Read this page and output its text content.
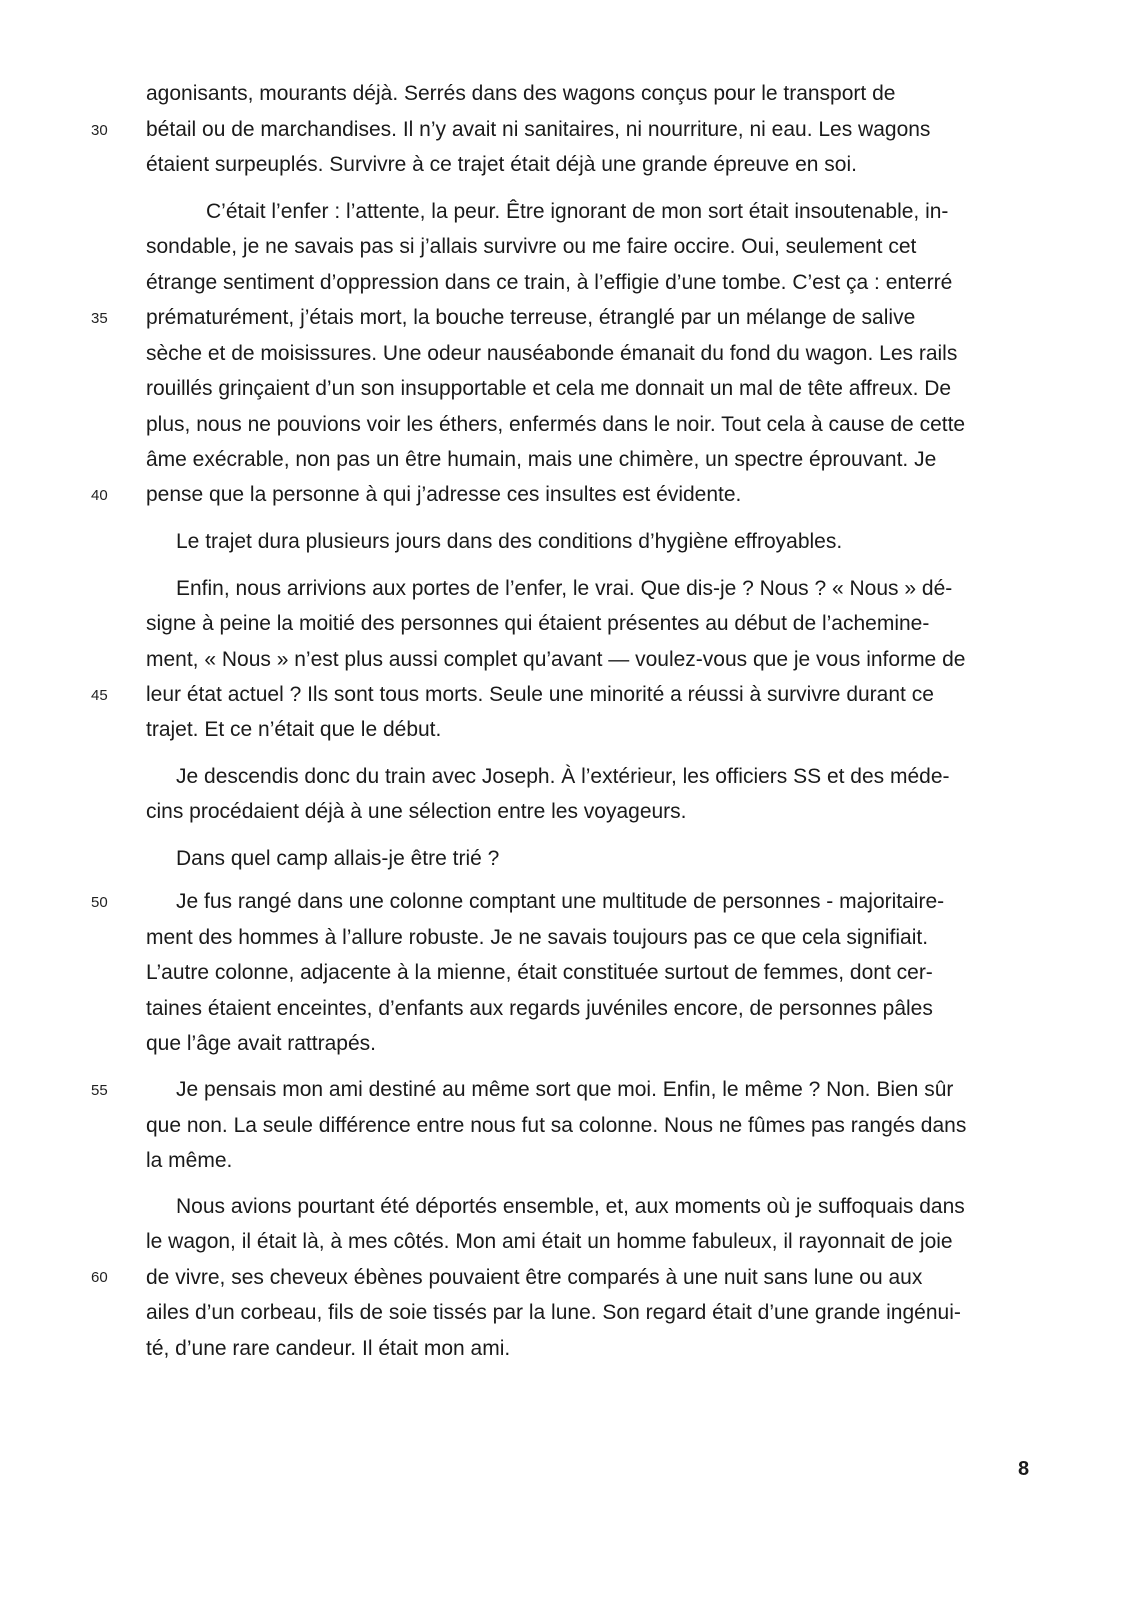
30
35
40
45
50
55
60
agonisants, mourants déjà. Serrés dans des wagons conçus pour le transport de
bétail ou de marchandises. Il n’y avait ni sanitaires, ni nourriture, ni eau. Les wagons
étaient surpeuplés. Survivre à ce trajet était déjà une grande épreuve en soi.
C’était l’enfer : l’attente, la peur. Être ignorant de mon sort était insoutenable, in-
sondable, je ne savais pas si j’allais survivre ou me faire occire. Oui, seulement cet
étrange sentiment d’oppression dans ce train, à l’effigie d’une tombe. C’est ça : enterré
prématurément, j’étais mort, la bouche terreuse, étranglé par un mélange de salive
sèche et de moisissures. Une odeur nauséabonde émanait du fond du wagon. Les rails
rouillés grinçaient d’un son insupportable et cela me donnait un mal de tête affreux. De
plus, nous ne pouvions voir les éthers, enfermés dans le noir. Tout cela à cause de cette
âme exécrable, non pas un être humain, mais une chimère, un spectre éprouvant. Je
pense que la personne à qui j’adresse ces insultes est évidente.
Le trajet dura plusieurs jours dans des conditions d’hygiène effroyables.
Enfin, nous arrivions aux portes de l’enfer, le vrai. Que dis-je ? Nous ? « Nous » dé-
signe à peine la moitié des personnes qui étaient présentes au début de l’achemine-
ment, « Nous » n’est plus aussi complet qu’avant — voulez-vous que je vous informe de
leur état actuel ? Ils sont tous morts. Seule une minorité a réussi à survivre durant ce
trajet. Et ce n’était que le début.
Je descendis donc du train avec Joseph. À l’extérieur, les officiers SS et des méde-
cins procédaient déjà à une sélection entre les voyageurs.
Dans quel camp allais-je être trié ?
Je fus rangé dans une colonne comptant une multitude de personnes - majoritaire-
ment des hommes à l’allure robuste. Je ne savais toujours pas ce que cela signifiait.
L’autre colonne, adjacente à la mienne, était constituée surtout de femmes, dont cer-
taines étaient enceintes, d’enfants aux regards juvéniles encore, de personnes pâles
que l’âge avait rattrapés.
Je pensais mon ami destiné au même sort que moi. Enfin, le même ? Non. Bien sûr
que non. La seule différence entre nous fut sa colonne. Nous ne fûmes pas rangés dans
la même.
Nous avions pourtant été déportés ensemble, et, aux moments où je suffoquais dans
le wagon, il était là, à mes côtés. Mon ami était un homme fabuleux, il rayonnait de joie
de vivre, ses cheveux ébènes pouvaient être comparés à une nuit sans lune ou aux
ailes d’un corbeau, fils de soie tissés par la lune. Son regard était d’une grande ingénui-
té, d’une rare candeur. Il était mon ami.
8
